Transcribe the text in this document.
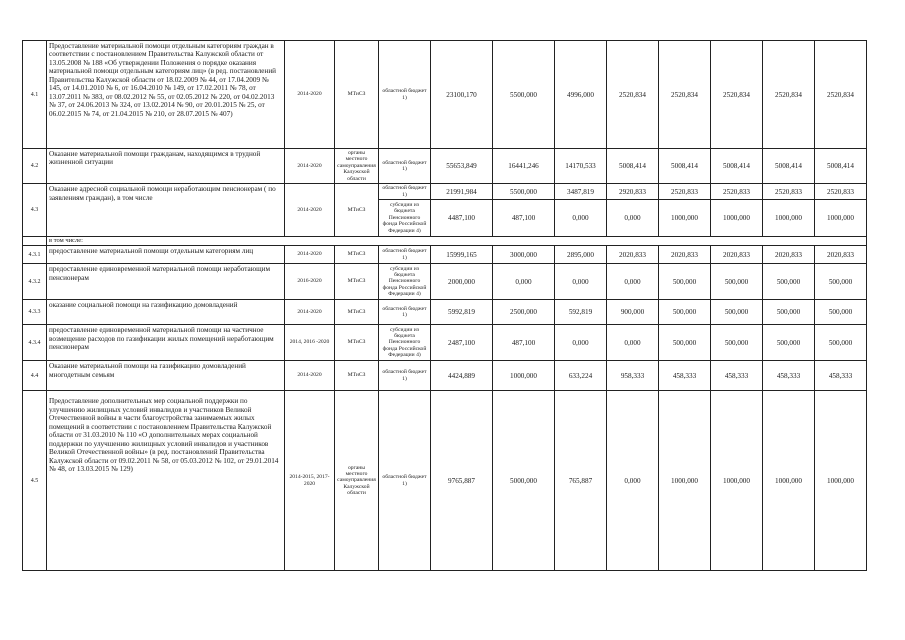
4.1	Предоставление материальной помощи отдельным категориям граждан в соответствии с постановлением Правительства Калужской области от 13.05.2008 № 188 «Об утверждении Положения о порядке оказания материальной помощи отдельным категориям лиц» (в ред. постановлений Правительства Калужской области от 18.02.2009 № 44, от 17.04.2009 № 145, от 14.01.2010 № 6, от 16.04.2010 № 149, от 17.02.2011 № 78, от 13.07.2011 № 383, от 08.02.2012 № 55, от 02.05.2012 № 220, от 04.02.2013 № 37, от 24.06.2013 № 324, от 13.02.2014 № 90, от 20.01.2015 № 25, от 06.02.2015 № 74, от 21.04.2015 № 210, от 28.07.2015 № 407)	2014-2020	МТиСЗ	областной бюджет 1)	23100,170	5500,000	4996,000	2520,834	2520,834	2520,834	2520,834	2520,834
4.2	Оказание материальной помощи гражданам, находящимся в трудной жизненной ситуации	2014-2020	органы местного самоуправления Калужской области	областной бюджет 1)	55653,849	16441,246	14170,533	5008,414	5008,414	5008,414	5008,414	5008,414
4.3	Оказание адресной социальной помощи неработающим пенсионерам ( по заявлениям граждан), в том числе	2014-2020	МТиСЗ	областной бюджет 1)	21991,984	5500,000	3487,819	2920,833	2520,833	2520,833	2520,833	2520,833
				субсидии из бюджета Пенсионного фонда Российской Федерации 4)	4487,100	487,100	0,000	0,000	1000,000	1000,000	1000,000	1000,000
	в том числе:											
4.3.1	предоставление материальной помощи отдельным категориям лиц	2014-2020	МТиСЗ	областной бюджет 1)	15999,165	3000,000	2895,000	2020,833	2020,833	2020,833	2020,833	2020,833
4.3.2	предоставление единовременной материальной помощи неработающим пенсионерам	2016-2020	МТиСЗ	субсидии из бюджета Пенсионного фонда Российской Федерации 4)	2000,000	0,000	0,000	0,000	500,000	500,000	500,000	500,000
4.3.3	оказание социальной помощи на газификацию домовладений	2014-2020	МТиСЗ	областной бюджет 1)	5992,819	2500,000	592,819	900,000	500,000	500,000	500,000	500,000
4.3.4	предоставление единовременной материальной помощи на частичное возмещение расходов по газификации жилых помещений неработающим пенсионерам	2014, 2016 -2020	МТиСЗ	субсидии из бюджета Пенсионного фонда Российской Федерации 4)	2487,100	487,100	0,000	0,000	500,000	500,000	500,000	500,000
4.4	Оказание материальной помощи на газификацию домовладений многодетным семьям	2014-2020	МТиСЗ	областной бюджет 1)	4424,889	1000,000	633,224	958,333	458,333	458,333	458,333	458,333
4.5	Предоставление дополнительных мер социальной поддержки по улучшению жилищных условий инвалидов и участников Великой Отечественной войны в части благоустройства занимаемых жилых помещений в соответствии с постановлением Правительства Калужской области от 31.03.2010 № 110 «О дополнительных мерах социальной поддержки по улучшению жилищных условий инвалидов и участников Великой Отечественной войны» (в ред. постановлений Правительства Калужской области от 09.02.2011 № 58, от 05.03.2012 № 102, от 29.01.2014 № 48, от 13.03.2015 № 129)	2014-2015, 2017-2020	органы местного самоуправления Калужской области	областной бюджет 1)	9765,887	5000,000	765,887	0,000	1000,000	1000,000	1000,000	1000,000
